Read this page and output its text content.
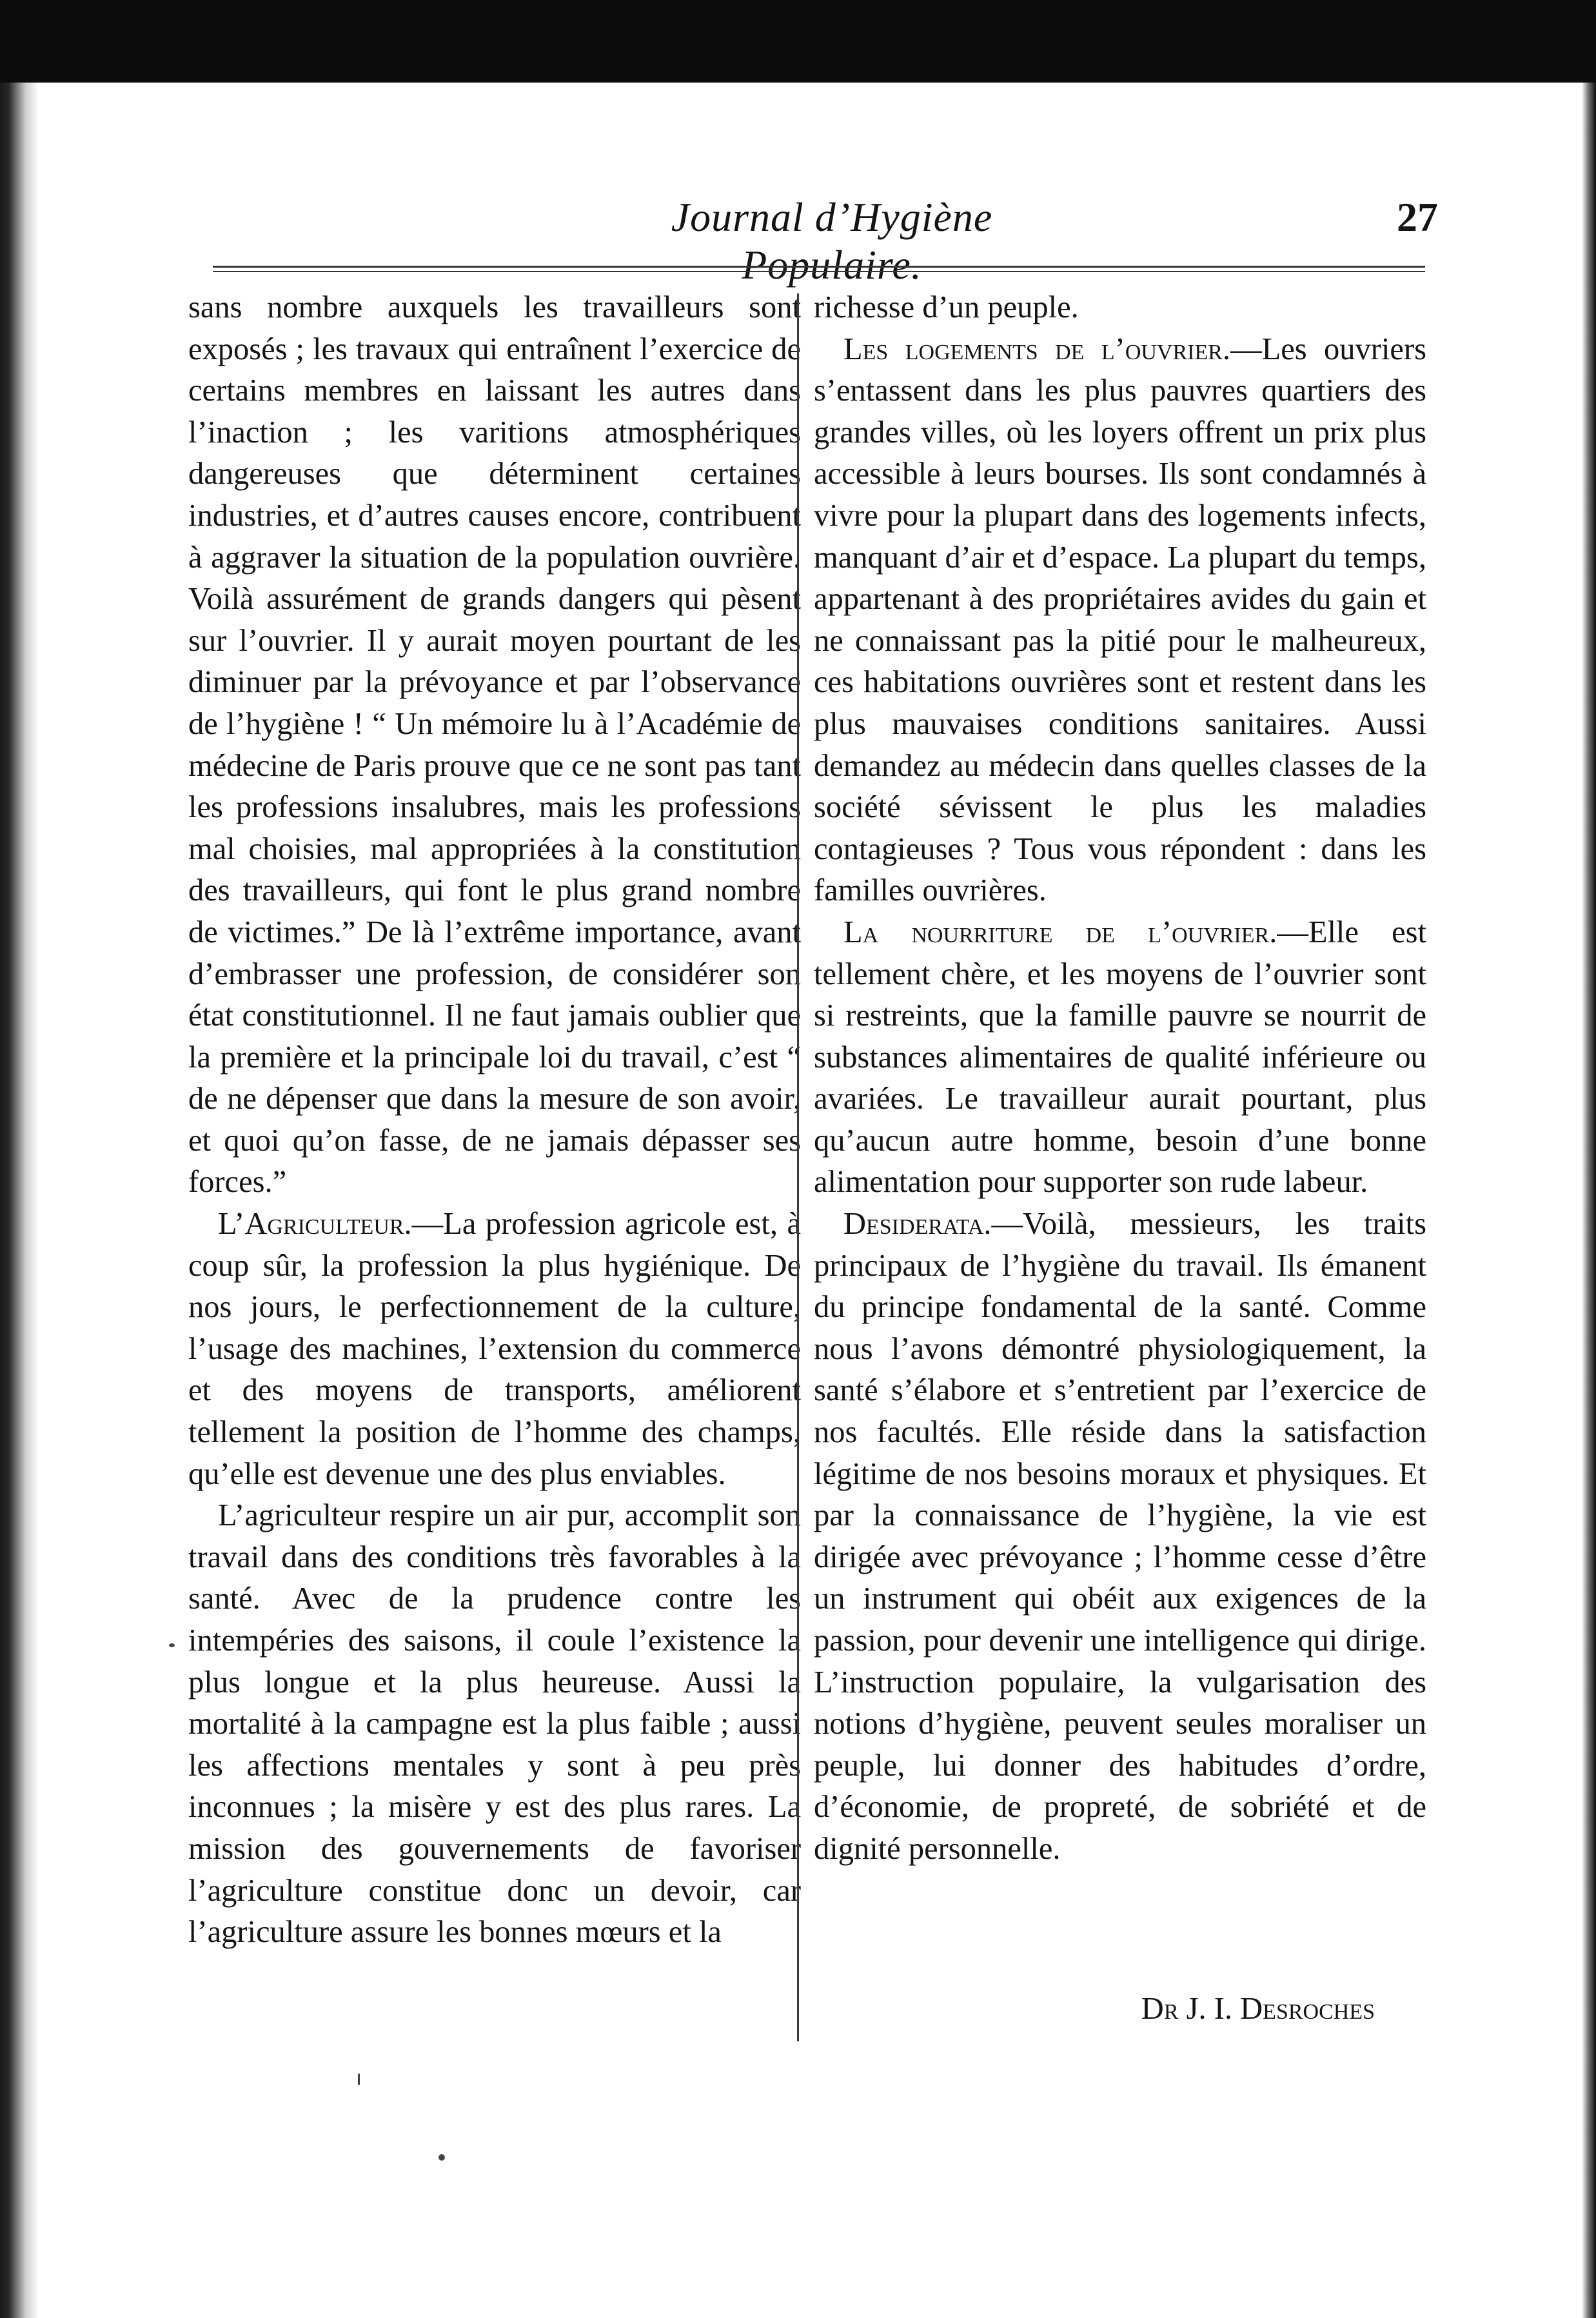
Journal d’Hygiène Populaire.
27

sans nombre auxquels les travailleurs sont exposés ; les travaux qui entraînent l’exercice de certains membres en laissant les autres dans l’inaction ; les varitions atmosphériques dangereuses que déterminent certaines industries, et d’autres causes encore, contribuent à aggraver la situation de la population ouvrière. Voilà assurément de grands dangers qui pèsent sur l’ouvrier. Il y aurait moyen pourtant de les diminuer par la prévoyance et par l’observance de l’hygiène ! “ Un mémoire lu à l’Académie de médecine de Paris prouve que ce ne sont pas tant les professions insalubres, mais les professions mal choisies, mal appropriées à la constitution des travailleurs, qui font le plus grand nombre de victimes.” De là l’extrême importance, avant d’embrasser une profession, de considérer son état constitutionnel. Il ne faut jamais oublier que la première et la principale loi du travail, c’est “ de ne dépenser que dans la mesure de son avoir, et quoi qu’on fasse, de ne jamais dépasser ses forces.”

L’Agriculteur.—La profession agricole est, à coup sûr, la profession la plus hygiénique. De nos jours, le perfectionnement de la culture, l’usage des machines, l’extension du commerce et des moyens de transports, améliorent tellement la position de l’homme des champs, qu’elle est devenue une des plus enviables.

L’agriculteur respire un air pur, accomplit son travail dans des conditions très favorables à la santé. Avec de la prudence contre les intempéries des saisons, il coule l’existence la plus longue et la plus heureuse. Aussi la mortalité à la campagne est la plus faible ; aussi les affections mentales y sont à peu près inconnues ; la misère y est des plus rares. La mission des gouvernements de favoriser l’agriculture constitue donc un devoir, car l’agriculture assure les bonnes mœurs et la

richesse d’un peuple.

Les logements de l’ouvrier.—Les ouvriers s’entassent dans les plus pauvres quartiers des grandes villes, où les loyers offrent un prix plus accessible à leurs bourses. Ils sont condamnés à vivre pour la plupart dans des logements infects, manquant d’air et d’espace. La plupart du temps, appartenant à des propriétaires avides du gain et ne connaissant pas la pitié pour le malheureux, ces habitations ouvrières sont et restent dans les plus mauvaises conditions sanitaires. Aussi demandez au médecin dans quelles classes de la société sévissent le plus les maladies contagieuses ? Tous vous répondent : dans les familles ouvrières.

La nourriture de l’ouvrier.—Elle est tellement chère, et les moyens de l’ouvrier sont si restreints, que la famille pauvre se nourrit de substances alimentaires de qualité inférieure ou avariées. Le travailleur aurait pourtant, plus qu’aucun autre homme, besoin d’une bonne alimentation pour supporter son rude labeur.

Desiderata.—Voilà, messieurs, les traits principaux de l’hygiène du travail. Ils émanent du principe fondamental de la santé. Comme nous l’avons démontré physiologiquement, la santé s’élabore et s’entretient par l’exercice de nos facultés. Elle réside dans la satisfaction légitime de nos besoins moraux et physiques. Et par la connaissance de l’hygiène, la vie est dirigée avec prévoyance ; l’homme cesse d’être un instrument qui obéit aux exigences de la passion, pour devenir une intelligence qui dirige. L’instruction populaire, la vulgarisation des notions d’hygiène, peuvent seules moraliser un peuple, lui donner des habitudes d’ordre, d’économie, de propreté, de sobriété et de dignité personnelle.

Dr J. I. Desroches
